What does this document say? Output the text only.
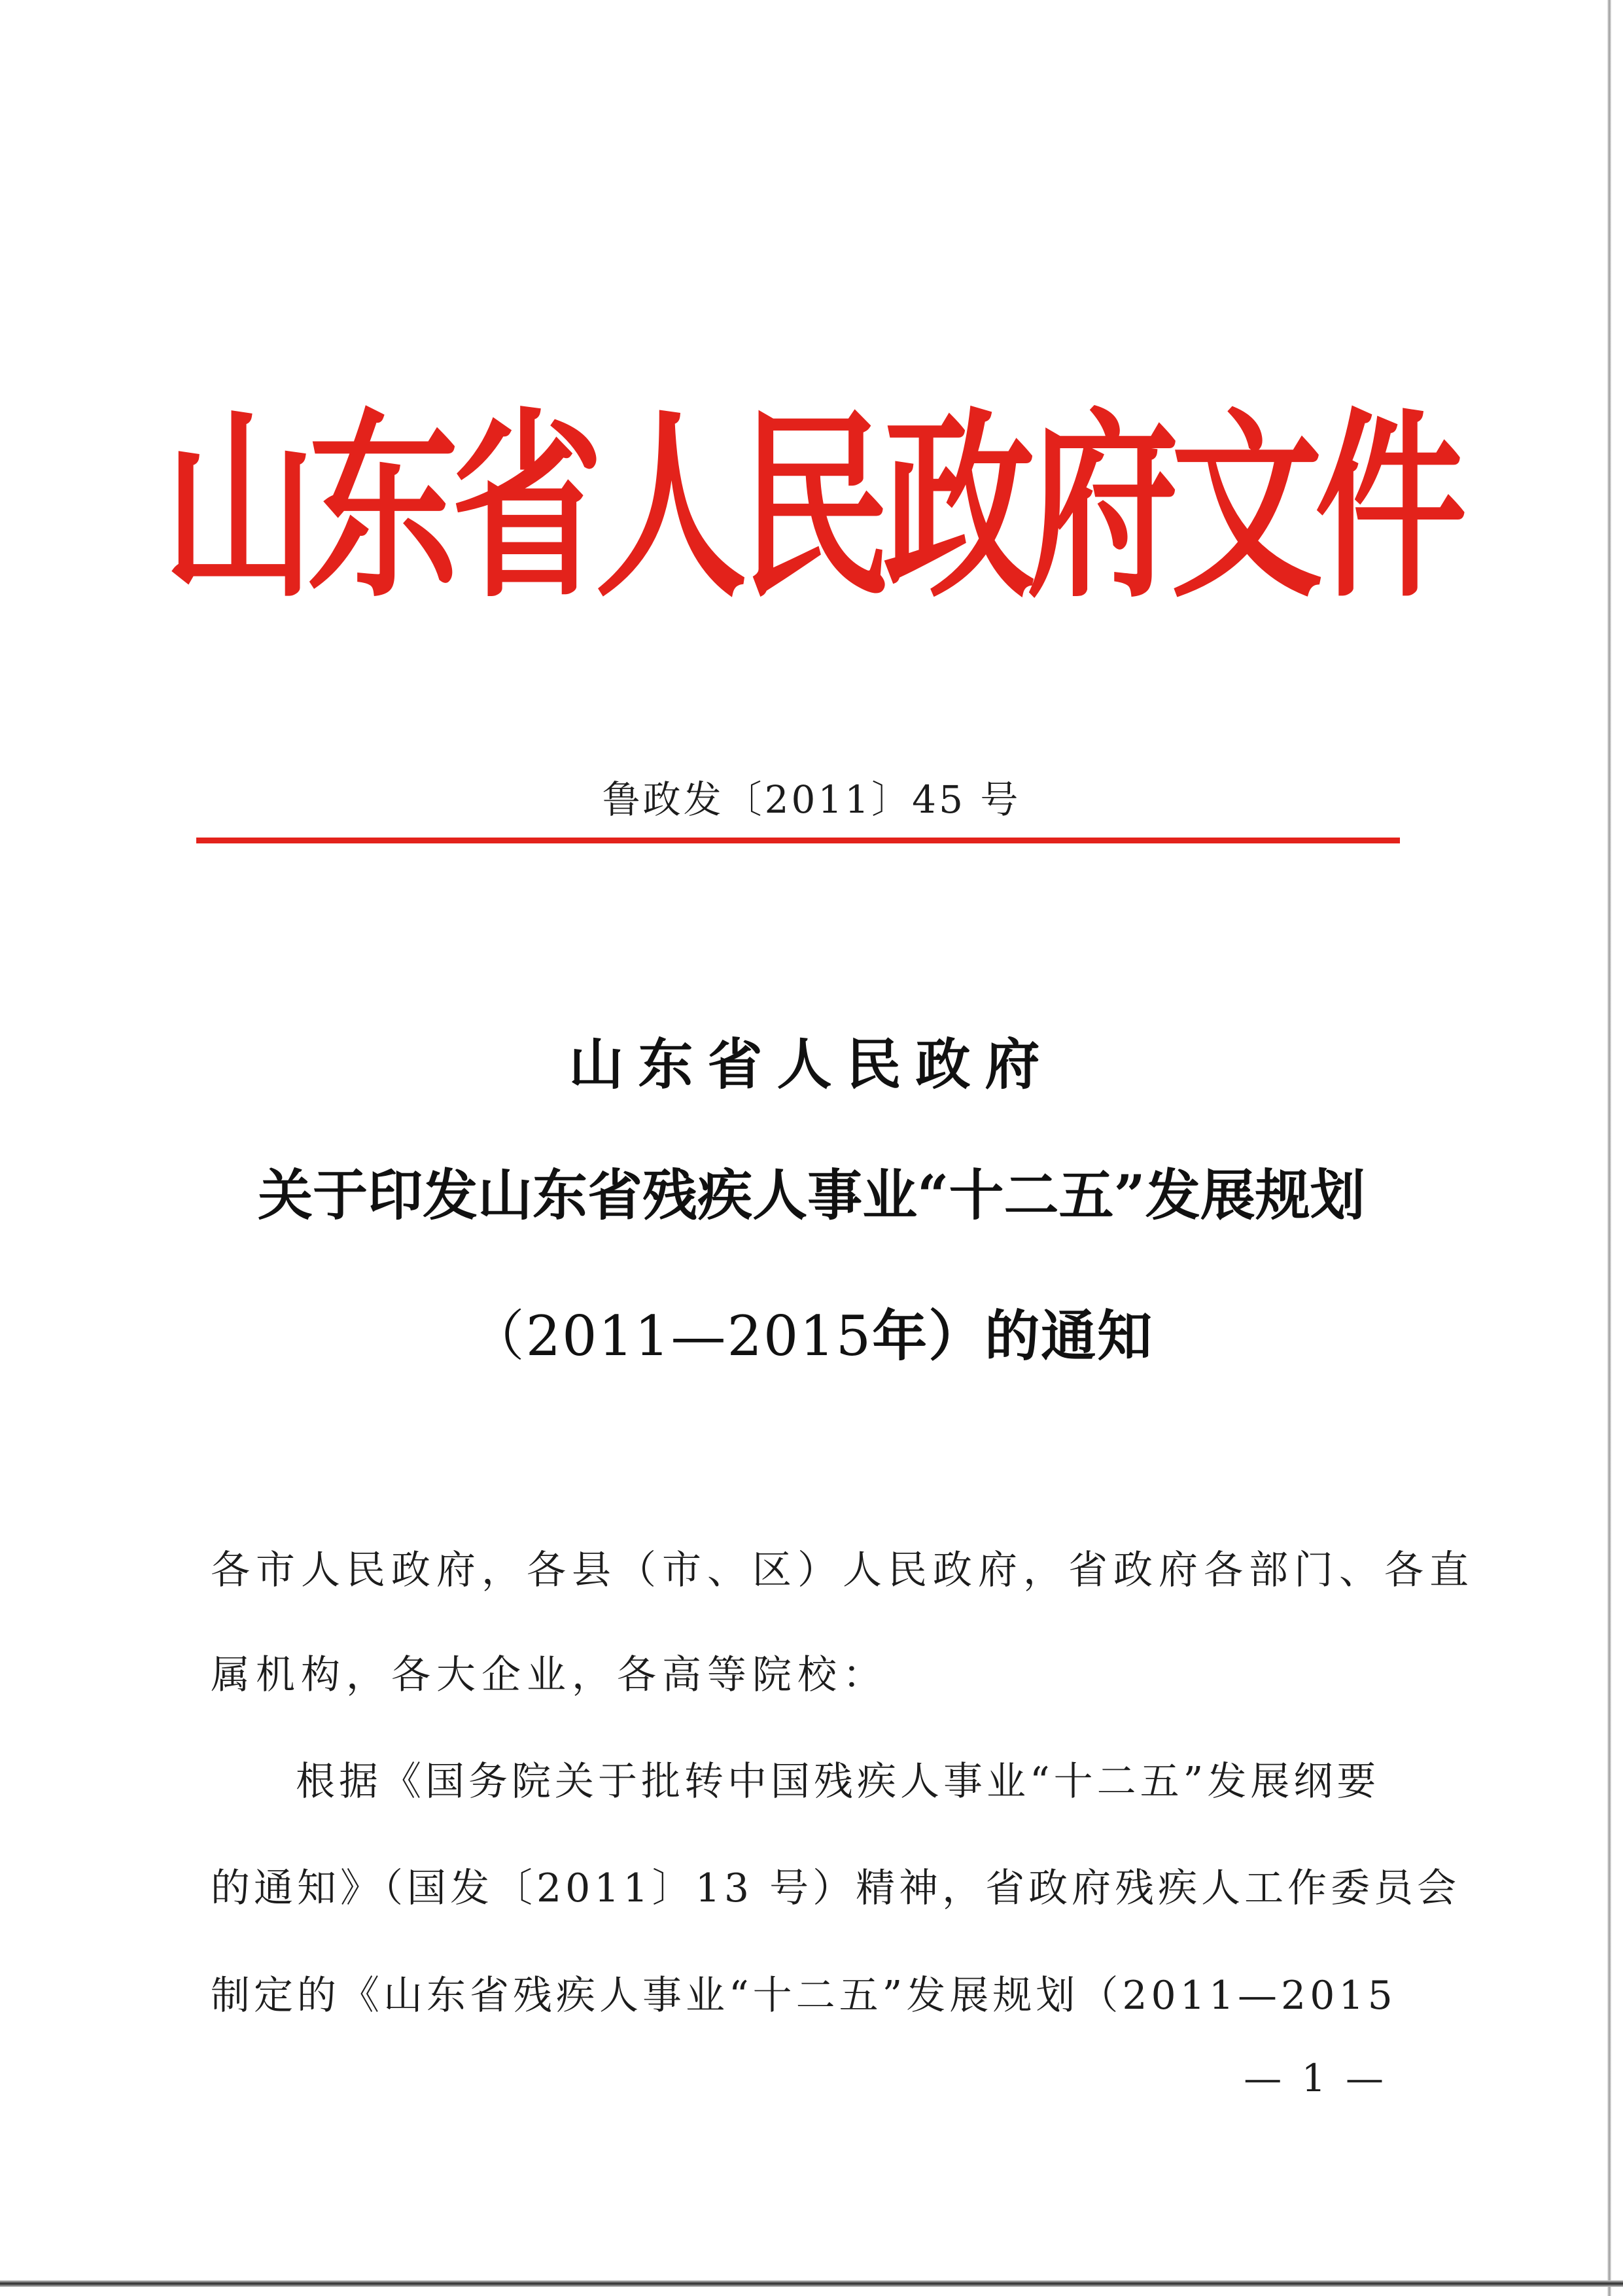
山东省人民政府文件
鲁政发〔2011〕45 号
山东省人民政府
关于印发山东省残疾人事业“十二五”发展规划
（2011—2015年）的通知
各市人民政府，各县（市、区）人民政府，省政府各部门、各直
属机构，各大企业，各高等院校：
根据《国务院关于批转中国残疾人事业“十二五”发展纲要
的通知》（国发〔2011〕13 号）精神，省政府残疾人工作委员会
制定的《山东省残疾人事业“十二五”发展规划（2011—2015
— 1 —
